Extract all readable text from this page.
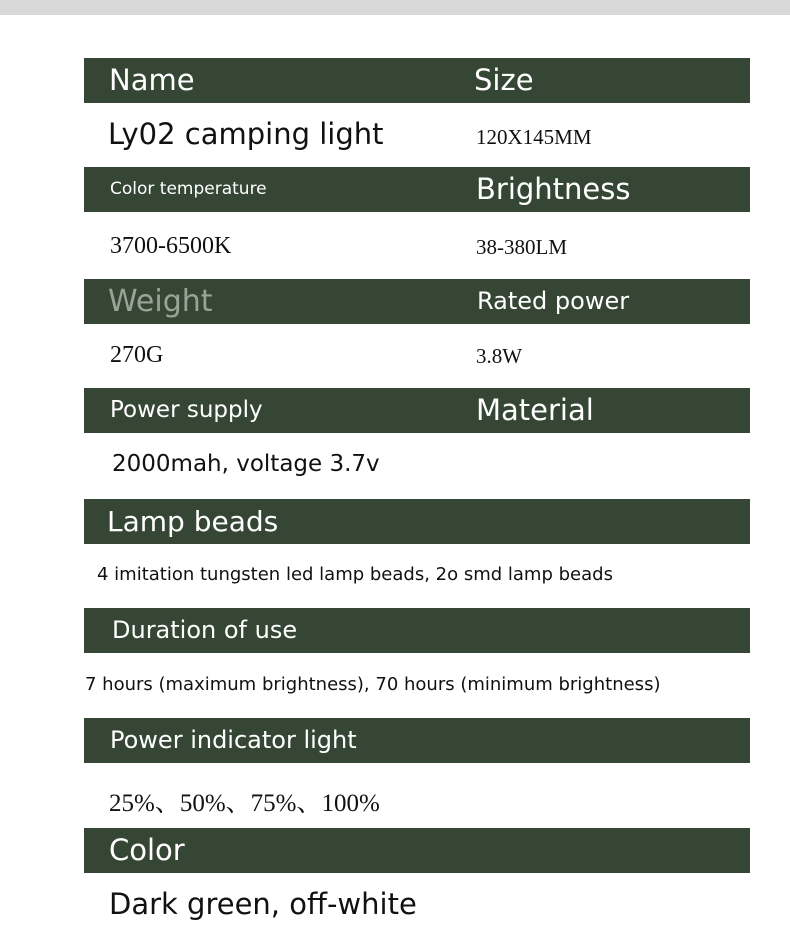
Name	Size
Ly02 camping light	120X145MM
Color temperature	Brightness
3700-6500K	38-380LM
Weight	Rated power
270G	3.8W
Power supply	Material
2000mah, voltage 3.7v
Lamp beads
4 imitation tungsten led lamp beads, 2o smd lamp beads
Duration of use
7 hours (maximum brightness), 70 hours (minimum brightness)
Power indicator light
25%、50%、75%、100%
Color
Dark green, off-white
